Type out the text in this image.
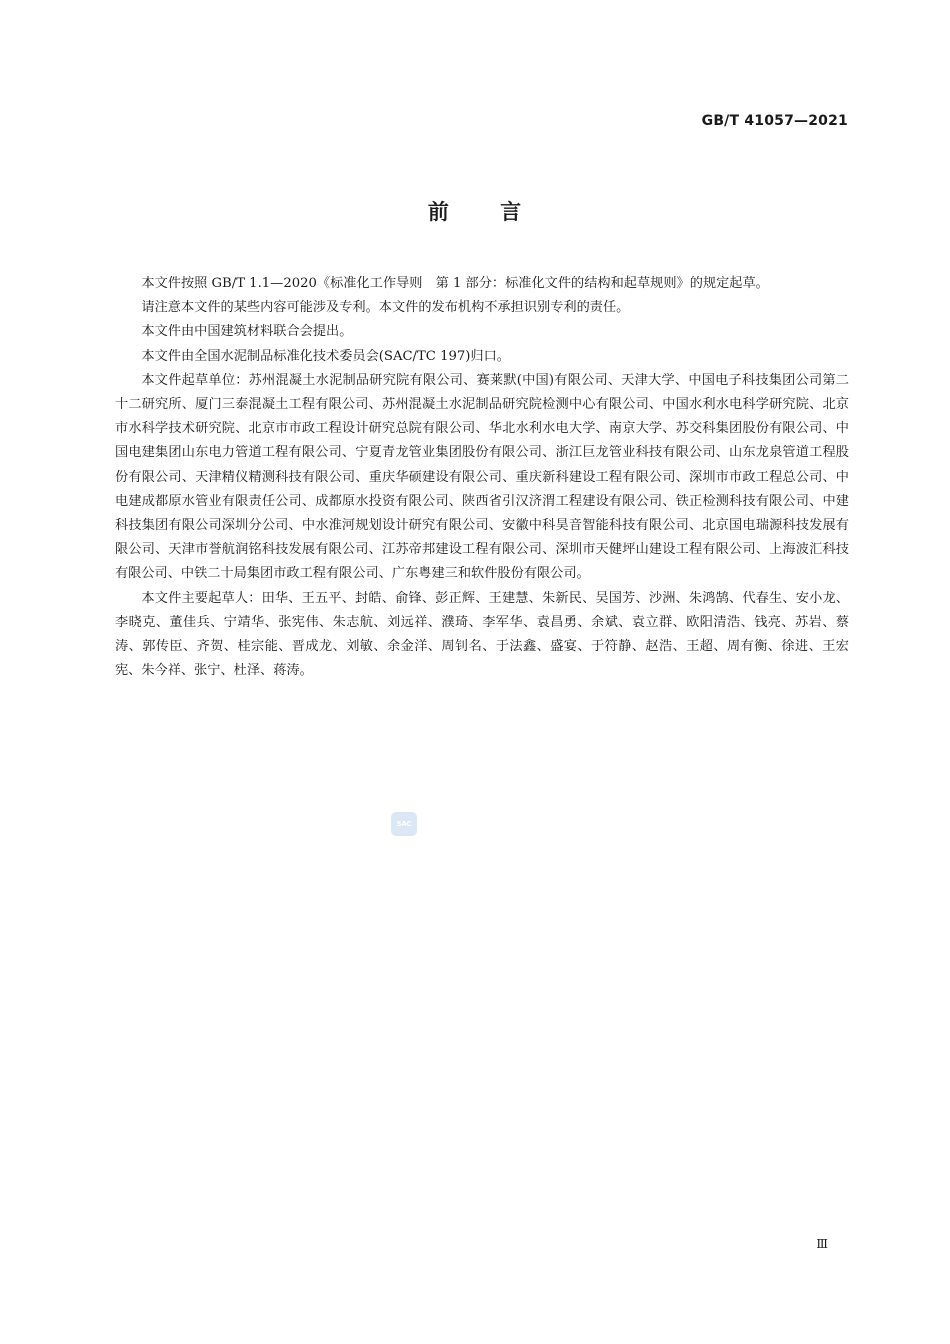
GB/T 41057—2021
前 言

本文件按照 GB/T 1.1—2020《标准化工作导则　第 1 部分：标准化文件的结构和起草规则》的规定起草。

请注意本文件的某些内容可能涉及专利。本文件的发布机构不承担识别专利的责任。

本文件由中国建筑材料联合会提出。

本文件由全国水泥制品标准化技术委员会(SAC/TC 197)归口。

本文件起草单位：苏州混凝土水泥制品研究院有限公司、赛莱默(中国)有限公司、天津大学、中国电子科技集团公司第二十二研究所、厦门三泰混凝土工程有限公司、苏州混凝土水泥制品研究院检测中心有限公司、中国水利水电科学研究院、北京市水科学技术研究院、北京市市政工程设计研究总院有限公司、华北水利水电大学、南京大学、苏交科集团股份有限公司、中国电建集团山东电力管道工程有限公司、宁夏青龙管业集团股份有限公司、浙江巨龙管业科技有限公司、山东龙泉管道工程股份有限公司、天津精仪精测科技有限公司、重庆华硕建设有限公司、重庆新科建设工程有限公司、深圳市市政工程总公司、中电建成都原水管业有限责任公司、成都原水投资有限公司、陕西省引汉济渭工程建设有限公司、铁正检测科技有限公司、中建科技集团有限公司深圳分公司、中水淮河规划设计研究有限公司、安徽中科昊音智能科技有限公司、北京国电瑞源科技发展有限公司、天津市誉航润铭科技发展有限公司、江苏帝邦建设工程有限公司、深圳市天健坪山建设工程有限公司、上海波汇科技有限公司、中铁二十局集团市政工程有限公司、广东粤建三和软件股份有限公司。

本文件主要起草人：田华、王五平、封皓、俞锋、彭正辉、王建慧、朱新民、吴国芳、沙洲、朱鸿鹄、代春生、安小龙、李晓克、董佳兵、宁靖华、张宪伟、朱志航、刘远祥、濮琦、李军华、袁昌勇、余斌、袁立群、欧阳清浩、钱亮、苏岩、蔡涛、郭传臣、齐贺、桂宗能、晋成龙、刘敏、余金洋、周钊名、于法鑫、盛宴、于符静、赵浩、王超、周有衡、徐进、王宏宪、朱今祥、张宁、杜泽、蒋涛。

SAC
Ⅲ
